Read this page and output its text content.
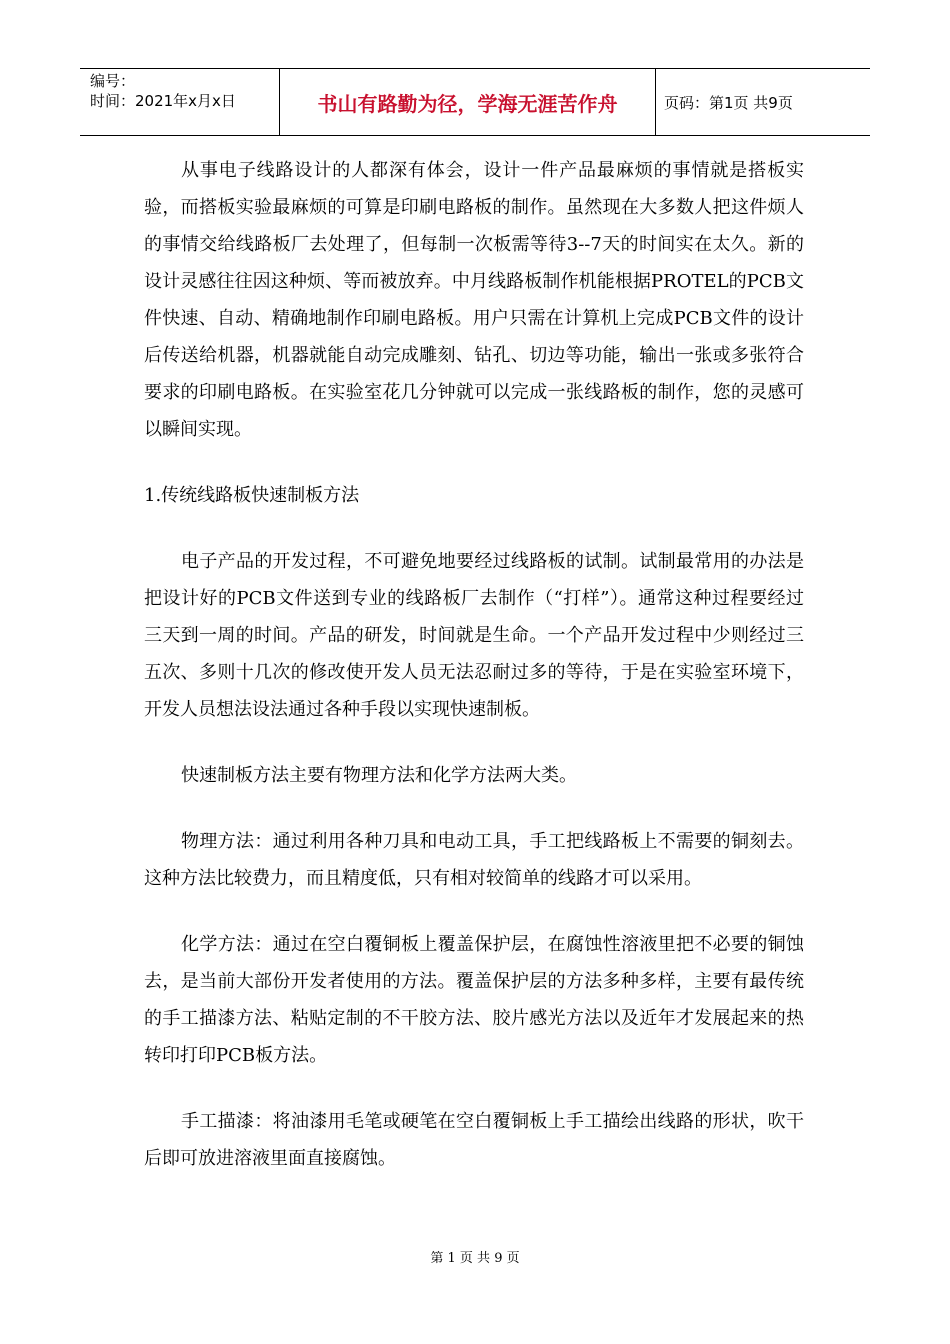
编号：
时间：2021年x月x日	书山有路勤为径，学海无涯苦作舟	页码：第1页 共9页

从事电子线路设计的人都深有体会，设计一件产品最麻烦的事情就是搭板实验，而搭板实验最麻烦的可算是印刷电路板的制作。虽然现在大多数人把这件烦人的事情交给线路板厂去处理了，但每制一次板需等待3--7天的时间实在太久。新的设计灵感往往因这种烦、等而被放弃。中月线路板制作机能根据PROTEL的PCB文件快速、自动、精确地制作印刷电路板。用户只需在计算机上完成PCB文件的设计后传送给机器，机器就能自动完成雕刻、钻孔、切边等功能，输出一张或多张符合要求的印刷电路板。在实验室花几分钟就可以完成一张线路板的制作，您的灵感可以瞬间实现。

1.传统线路板快速制板方法

电子产品的开发过程，不可避免地要经过线路板的试制。试制最常用的办法是把设计好的PCB文件送到专业的线路板厂去制作（“打样”）。通常这种过程要经过三天到一周的时间。产品的研发，时间就是生命。一个产品开发过程中少则经过三五次、多则十几次的修改使开发人员无法忍耐过多的等待，于是在实验室环境下，开发人员想法设法通过各种手段以实现快速制板。

快速制板方法主要有物理方法和化学方法两大类。

物理方法：通过利用各种刀具和电动工具，手工把线路板上不需要的铜刻去。这种方法比较费力，而且精度低，只有相对较简单的线路才可以采用。

化学方法：通过在空白覆铜板上覆盖保护层，在腐蚀性溶液里把不必要的铜蚀去，是当前大部份开发者使用的方法。覆盖保护层的方法多种多样，主要有最传统的手工描漆方法、粘贴定制的不干胶方法、胶片感光方法以及近年才发展起来的热转印打印PCB板方法。

手工描漆：将油漆用毛笔或硬笔在空白覆铜板上手工描绘出线路的形状，吹干后即可放进溶液里面直接腐蚀。

第 1 页 共 9 页
